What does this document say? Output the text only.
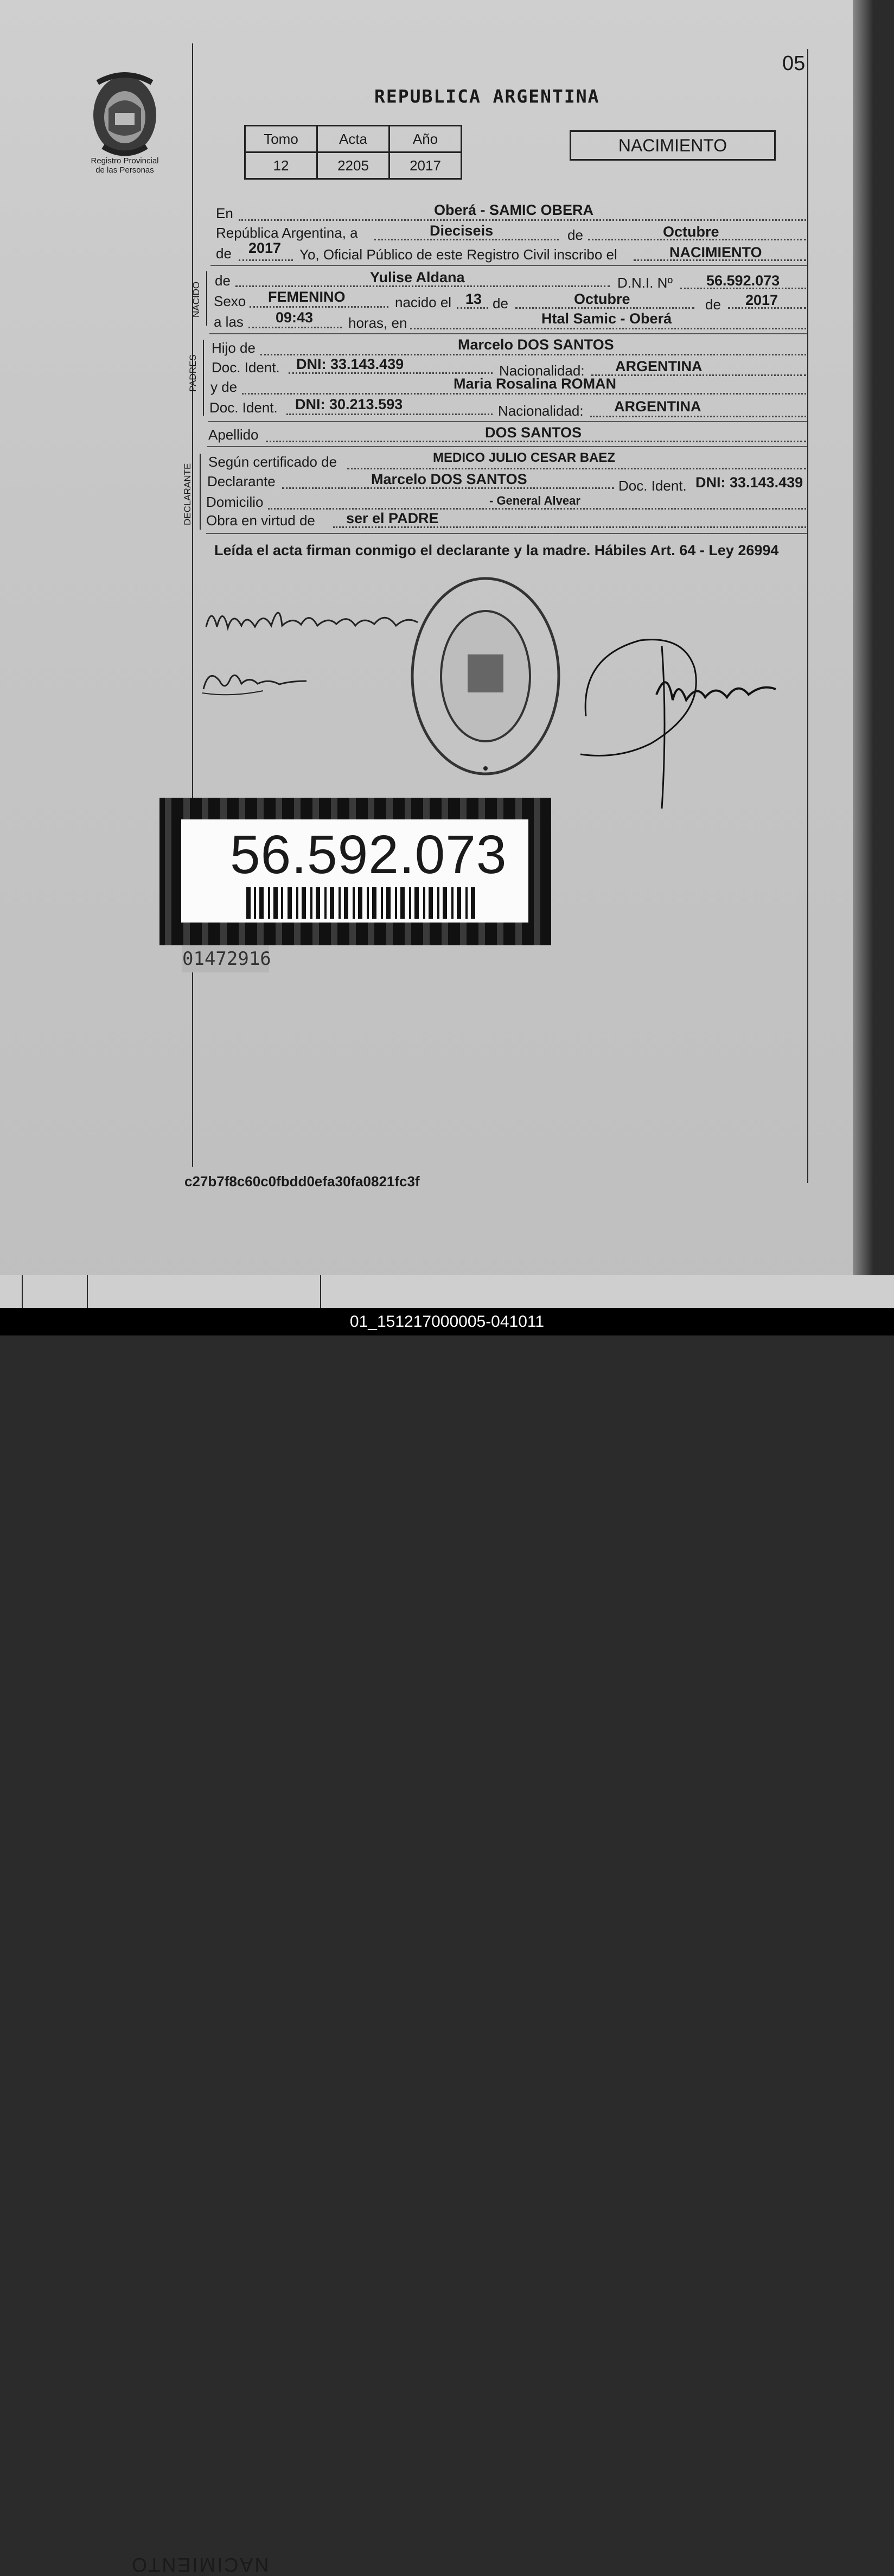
05
Registro Provincial
de las Personas
REPUBLICA ARGENTINA
Tomo	Acta	Año
12	2205	2017
NACIMIENTO
En	Oberá - SAMIC OBERA
República Argentina, a	Dieciseis	de	Octubre
de 2017 Yo, Oficial Público de este Registro Civil inscribo el	NACIMIENTO
NACIDO
de	Yulise Aldana	D.N.I. Nº 56.592.073
Sexo FEMENINO	nacido el 13 de	Octubre	de 2017
a las 09:43 horas, en	Htal Samic - Oberá
PADRES
Hijo de	Marcelo DOS SANTOS
Doc. Ident. DNI: 33.143.439	Nacionalidad: ARGENTINA
y de	Maria Rosalina ROMAN
Doc. Ident. DNI: 30.213.593	Nacionalidad: ARGENTINA
Apellido	DOS SANTOS
DECLARANTE
Según certificado de	MEDICO JULIO CESAR BAEZ
Declarante	Marcelo DOS SANTOS	Doc. Ident. DNI: 33.143.439
Domicilio	- General Alvear
Obra en virtud de ser el PADRE
Leída el acta firman conmigo el declarante y la madre. Hábiles Art. 64 - Ley 26994
56.592.073
01472916
c27b7f8c60c0fbdd0efa30fa0821fc3f
NACIMIENTO
01_151217000005-041011
